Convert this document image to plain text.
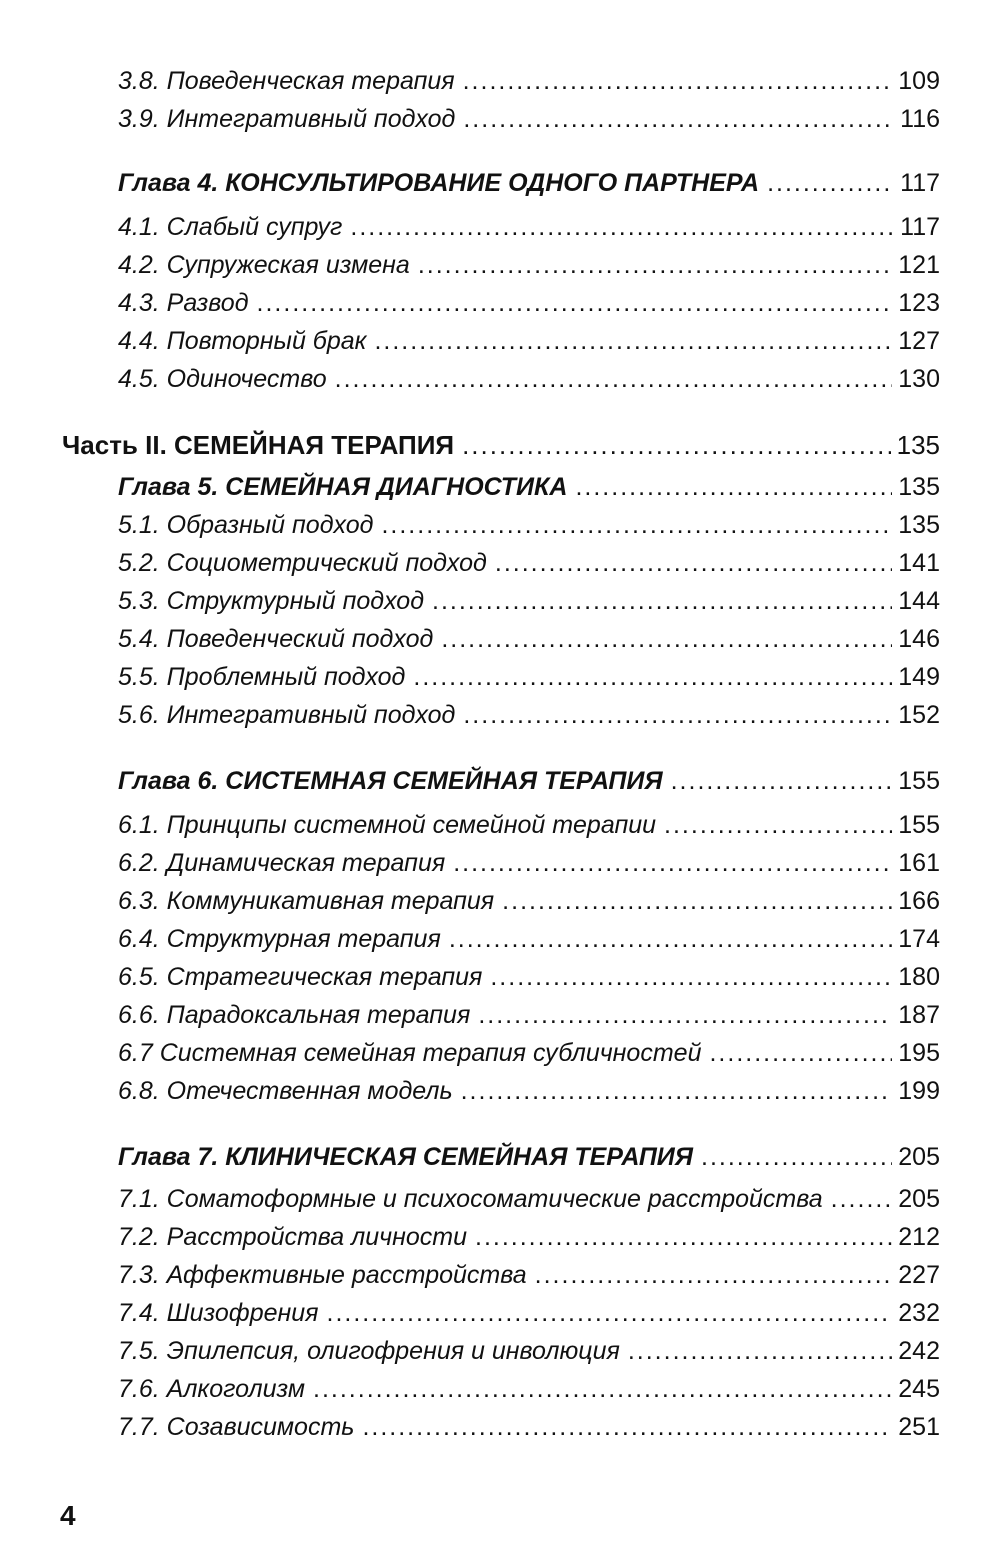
3.8. Поведенческая терапия .....	109
3.9. Интегративный подход .....	116
Глава 4. КОНСУЛЬТИРОВАНИЕ ОДНОГО ПАРТНЕРА .....	117
4.1. Слабый супруг .....	117
4.2. Супружеская измена .....	121
4.3. Развод .....	123
4.4. Повторный брак .....	127
4.5. Одиночество .....	130
Часть II. СЕМЕЙНАЯ ТЕРАПИЯ .....	135
Глава 5. СЕМЕЙНАЯ ДИАГНОСТИКА .....	135
5.1. Образный подход .....	135
5.2. Социометрический подход .....	141
5.3. Структурный подход .....	144
5.4. Поведенческий подход .....	146
5.5. Проблемный подход .....	149
5.6. Интегративный подход .....	152
Глава 6. СИСТЕМНАЯ СЕМЕЙНАЯ ТЕРАПИЯ .....	155
6.1. Принципы системной семейной терапии .....	155
6.2. Динамическая терапия .....	161
6.3. Коммуникативная терапия .....	166
6.4. Структурная терапия .....	174
6.5. Стратегическая терапия .....	180
6.6. Парадоксальная терапия .....	187
6.7 Системная семейная терапия субличностей .....	195
6.8. Отечественная модель .....	199
Глава 7. КЛИНИЧЕСКАЯ СЕМЕЙНАЯ ТЕРАПИЯ .....	205
7.1. Соматоформные и психосоматические расстройства .....	205
7.2. Расстройства личности .....	212
7.3. Аффективные расстройства .....	227
7.4. Шизофрения .....	232
7.5. Эпилепсия, олигофрения и инволюция .....	242
7.6. Алкоголизм .....	245
7.7. Созависимость .....	251
4
